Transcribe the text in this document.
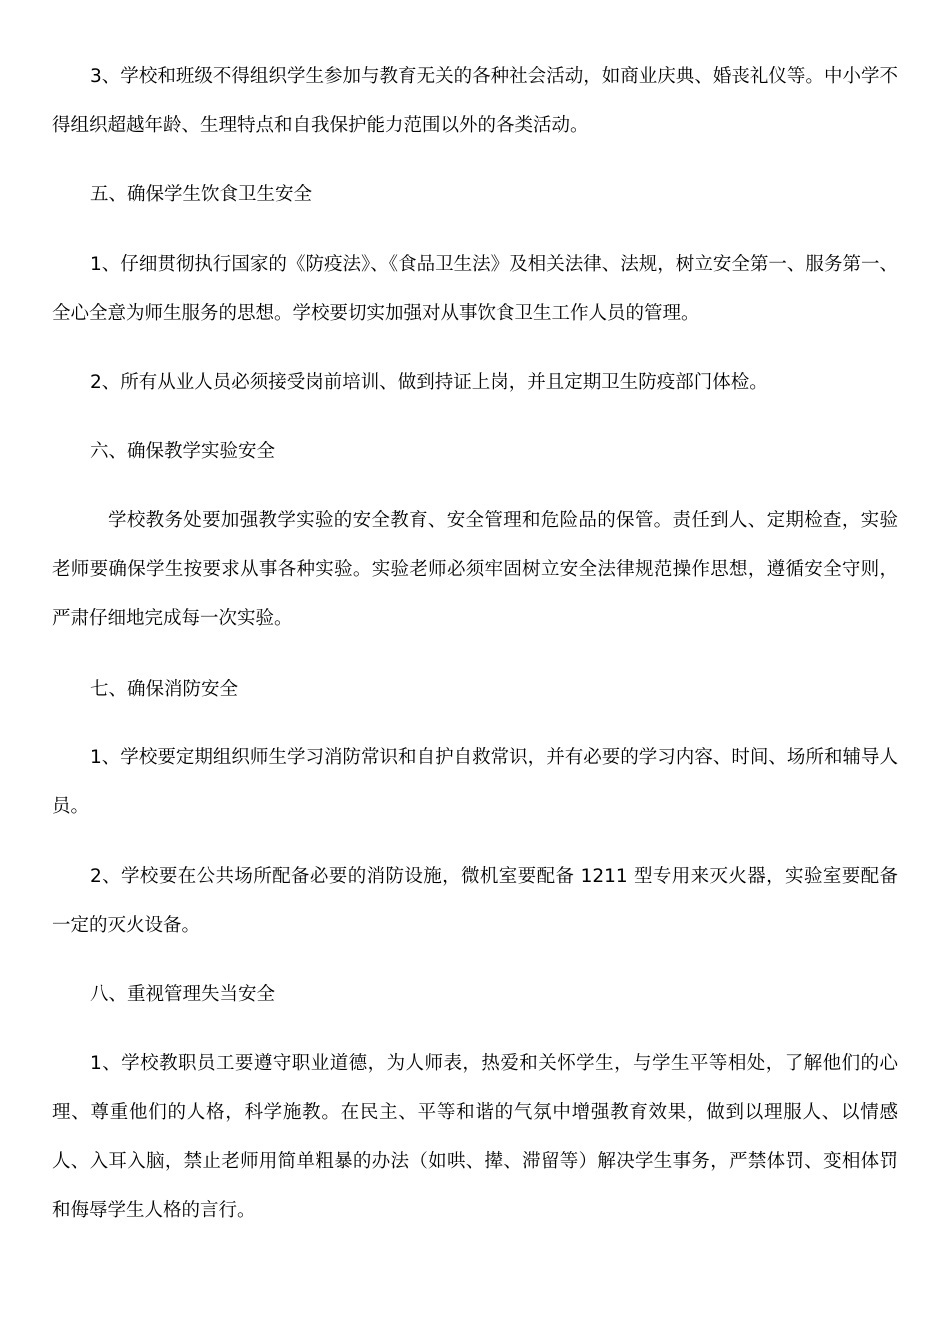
3、学校和班级不得组织学生参加与教育无关的各种社会活动，如商业庆典、婚丧礼仪等。中小学不得组织超越年龄、生理特点和自我保护能力范围以外的各类活动。

五、确保学生饮食卫生安全

1、仔细贯彻执行国家的《防疫法》、《食品卫生法》及相关法律、法规，树立安全第一、服务第一、全心全意为师生服务的思想。学校要切实加强对从事饮食卫生工作人员的管理。

2、所有从业人员必须接受岗前培训、做到持证上岗，并且定期卫生防疫部门体检。

六、确保教学实验安全

学校教务处要加强教学实验的安全教育、安全管理和危险品的保管。责任到人、定期检查，实验老师要确保学生按要求从事各种实验。实验老师必须牢固树立安全法律规范操作思想，遵循安全守则，严肃仔细地完成每一次实验。

七、确保消防安全

1、学校要定期组织师生学习消防常识和自护自救常识，并有必要的学习内容、时间、场所和辅导人员。

2、学校要在公共场所配备必要的消防设施，微机室要配备 1211 型专用来灭火器，实验室要配备一定的灭火设备。

八、重视管理失当安全

1、学校教职员工要遵守职业道德，为人师表，热爱和关怀学生，与学生平等相处，了解他们的心理、尊重他们的人格，科学施教。在民主、平等和谐的气氛中增强教育效果，做到以理服人、以情感人、入耳入脑，禁止老师用简单粗暴的办法（如哄、撵、滞留等）解决学生事务，严禁体罚、变相体罚和侮辱学生人格的言行。
